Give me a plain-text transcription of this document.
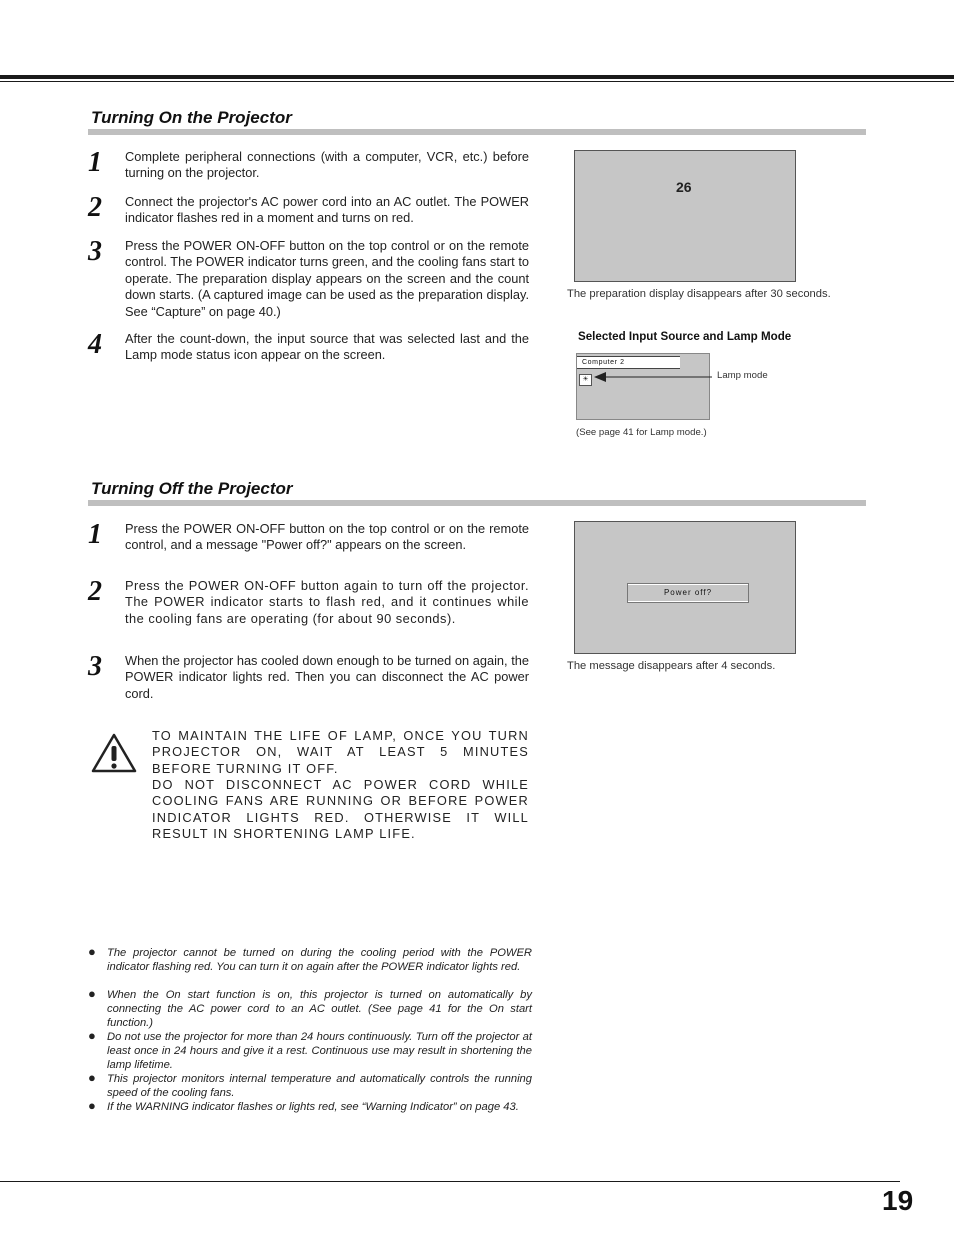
Turning On the Projector
1 Complete peripheral connections (with a computer, VCR, etc.) before turning on the projector.
2 Connect the projector's AC power cord into an AC outlet. The POWER indicator flashes red in a moment and turns on red.
3 Press the POWER ON-OFF button on the top control or on the remote control. The POWER indicator turns green, and the cooling fans start to operate. The preparation display appears on the screen and the count down starts. (A captured image can be used as the preparation display. See “Capture” on page 40.)
4 After the count-down, the input source that was selected last and the Lamp mode status icon appear on the screen.
26
The preparation display disappears after 30 seconds.
Selected Input Source and Lamp Mode
Computer 2
☀	Lamp mode
(See page 41 for Lamp mode.)
Turning Off the Projector
1 Press the POWER ON-OFF button on the top control or on the remote control, and a message "Power off?" appears on the screen.
2 Press the POWER ON-OFF button again to turn off the projector. The POWER indicator starts to flash red, and it continues while the cooling fans are operating (for about 90 seconds).
3 When the projector has cooled down enough to be turned on again, the POWER indicator lights red. Then you can disconnect the AC power cord.
Power off?
The message disappears after 4 seconds.
TO MAINTAIN THE LIFE OF LAMP, ONCE YOU TURN PROJECTOR ON, WAIT AT LEAST 5 MINUTES BEFORE TURNING IT OFF.
DO NOT DISCONNECT AC POWER CORD WHILE COOLING FANS ARE RUNNING OR BEFORE POWER INDICATOR LIGHTS RED. OTHERWISE IT WILL RESULT IN SHORTENING LAMP LIFE.
● The projector cannot be turned on during the cooling period with the POWER indicator flashing red. You can turn it on again after the POWER indicator lights red.
● When the On start function is on, this projector is turned on automatically by connecting the AC power cord to an AC outlet. (See page 41 for the On start function.)
● Do not use the projector for more than 24 hours continuously. Turn off the projector at least once in 24 hours and give it a rest. Continuous use may result in shortening the lamp lifetime.
● This projector monitors internal temperature and automatically controls the running speed of the cooling fans.
● If the WARNING indicator flashes or lights red, see “Warning Indicator” on page 43.
19
